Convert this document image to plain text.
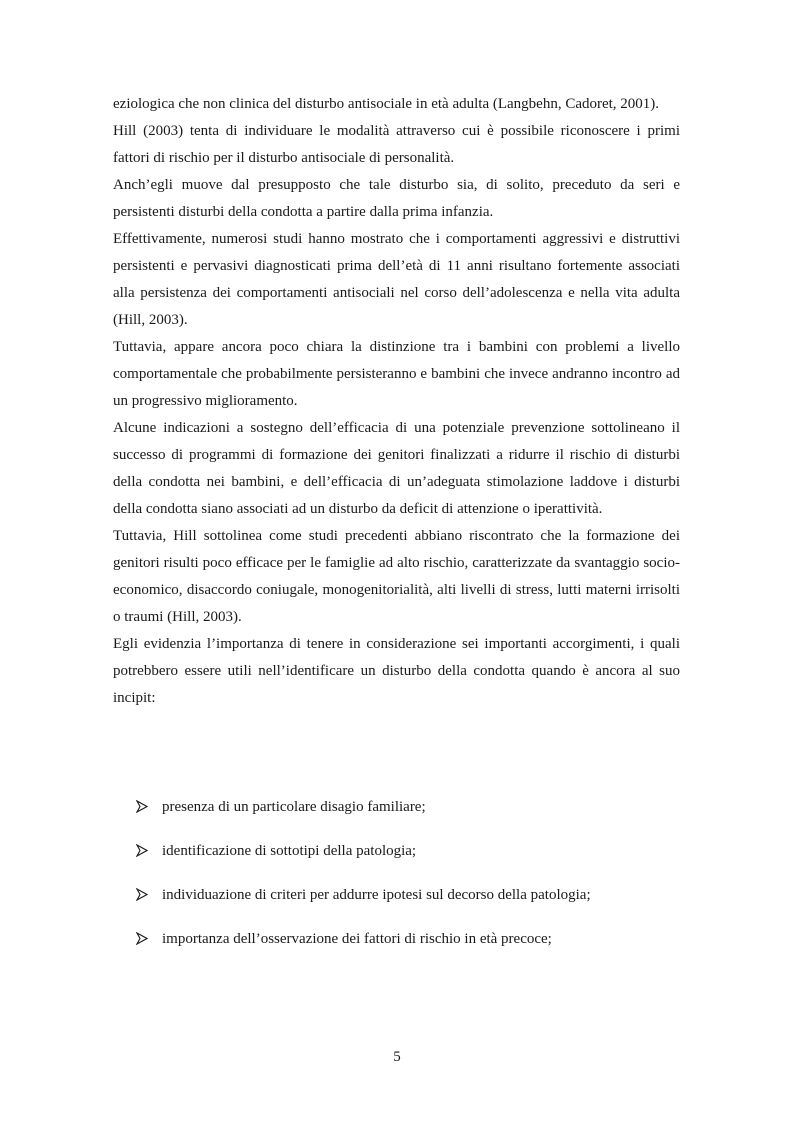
eziologica che non clinica del disturbo antisociale in età adulta (Langbehn, Cadoret, 2001).

Hill (2003) tenta di individuare le modalità attraverso cui è possibile riconoscere i primi fattori di rischio per il disturbo antisociale di personalità.

Anch’egli muove dal presupposto che tale disturbo sia, di solito, preceduto da seri e persistenti disturbi della condotta a partire dalla prima infanzia.

Effettivamente, numerosi studi hanno mostrato che i comportamenti aggressivi e distruttivi persistenti e pervasivi diagnosticati prima dell’età di 11 anni risultano fortemente associati alla persistenza dei comportamenti antisociali nel corso dell’adolescenza e nella vita adulta (Hill, 2003).

Tuttavia, appare ancora poco chiara la distinzione tra i bambini con problemi a livello comportamentale che probabilmente persisteranno e bambini che invece andranno incontro ad un progressivo miglioramento.

Alcune indicazioni a sostegno dell’efficacia di una potenziale prevenzione sottolineano il successo di programmi di formazione dei genitori finalizzati a ridurre il rischio di disturbi della condotta nei bambini, e dell’efficacia di un’adeguata stimolazione laddove i disturbi della condotta siano associati ad un disturbo da deficit di attenzione o iperattività.

Tuttavia, Hill sottolinea come studi precedenti abbiano riscontrato che la formazione dei genitori risulti poco efficace per le famiglie ad alto rischio, caratterizzate da svantaggio socio-economico, disaccordo coniugale, monogenitorialità, alti livelli di stress, lutti materni irrisolti o traumi (Hill, 2003).

Egli evidenzia l’importanza di tenere in considerazione sei importanti accorgimenti, i quali potrebbero essere utili nell’identificare un disturbo della condotta quando è ancora al suo incipit:

presenza di un particolare disagio familiare;
identificazione di sottotipi della patologia;
individuazione di criteri per addurre ipotesi sul decorso della patologia;
importanza dell’osservazione dei fattori di rischio in età precoce;
5
